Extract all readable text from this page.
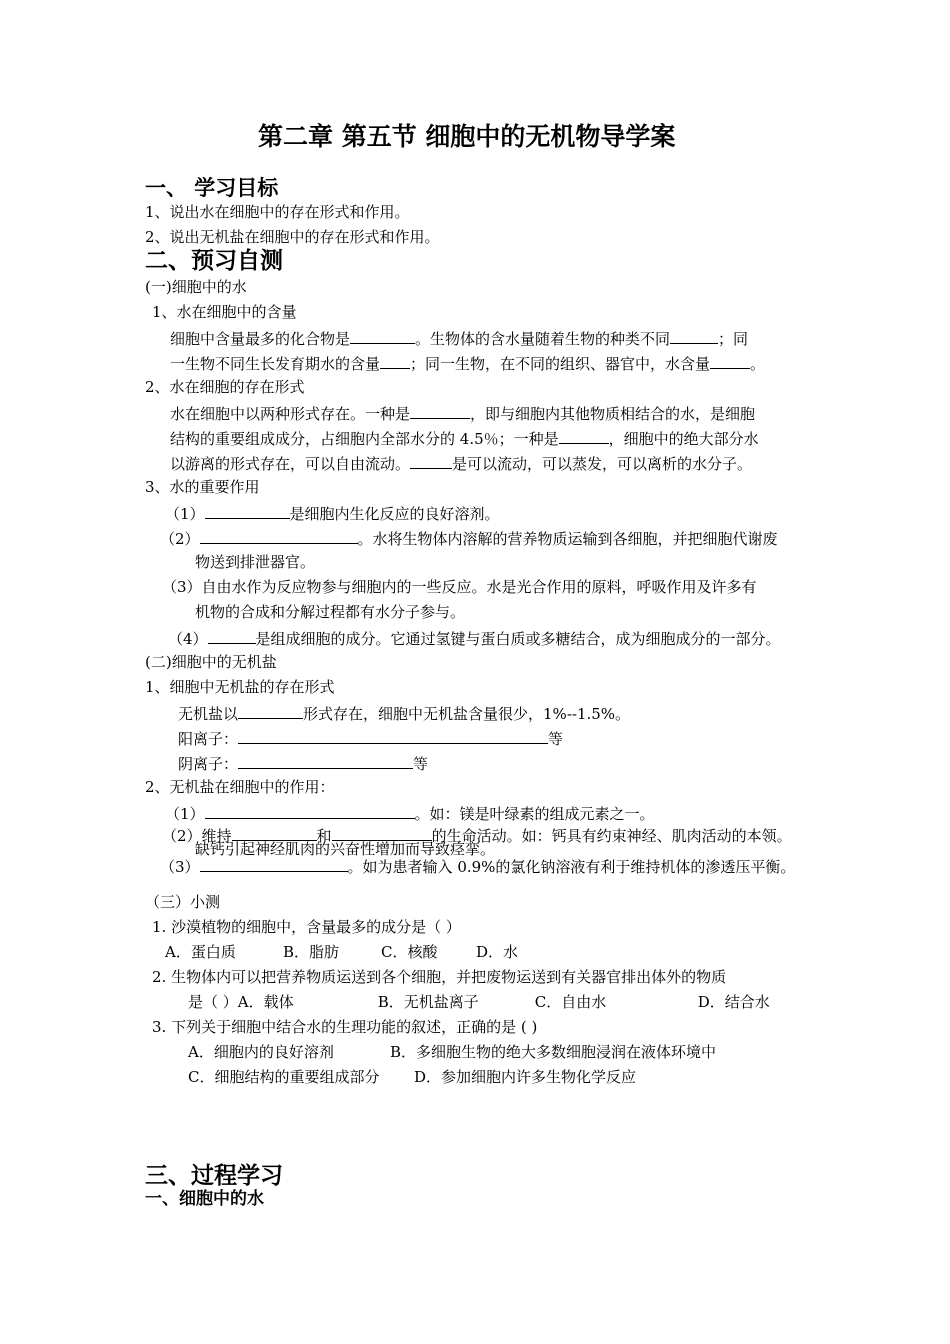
第二章 第五节 细胞中的无机物导学案
一、 学习目标
1、说出水在细胞中的存在形式和作用。
2、说出无机盐在细胞中的存在形式和作用。
二、预习自测
(一)细胞中的水
1、水在细胞中的含量
细胞中含量最多的化合物是	。生物体的含水量随着生物的种类不同	；同
一生物不同生长发育期水的含量 ；同一生物，在不同的组织、器官中，水含量	。
2、水在细胞的存在形式
水在细胞中以两种形式存在。一种是	，即与细胞内其他物质相结合的水，是细胞
结构的重要组成成分，占细胞内全部水分的 4.5％；一种是	，细胞中的绝大部分水
以游离的形式存在，可以自由流动。	是可以流动，可以蒸发，可以离析的水分子。
3、水的重要作用
（1）	是细胞内生化反应的良好溶剂。
（2）	。水将生物体内溶解的营养物质运输到各细胞，并把细胞代谢废
物送到排泄器官。
（3）自由水作为反应物参与细胞内的一些反应。水是光合作用的原料，呼吸作用及许多有
机物的合成和分解过程都有水分子参与。
（4）	是组成细胞的成分。它通过氢键与蛋白质或多糖结合，成为细胞成分的一部分。
(二)细胞中的无机盐
1、细胞中无机盐的存在形式
无机盐以	形式存在，细胞中无机盐含量很少，1%--1.5%。
阳离子：	等
阴离子：	等
2、无机盐在细胞中的作用：
（1）	。如：镁是叶绿素的组成元素之一。
（2）维持	和	的生命活动。如：钙具有约束神经、肌肉活动的本领。
缺钙引起神经肌肉的兴奋性增加而导致痉挛。
（3）	。如为患者输入 0.9%的氯化钠溶液有利于维持机体的渗透压平衡。
（三）小测
1. 沙漠植物的细胞中，含量最多的成分是（ ）
A．蛋白质	B．脂肪	C．核酸	D．水
2. 生物体内可以把营养物质运送到各个细胞，并把废物运送到有关器官排出体外的物质
是（ ）A．载体	B．无机盐离子	C．自由水	D．结合水
3. 下列关于细胞中结合水的生理功能的叙述，正确的是 ( )
A．细胞内的良好溶剂	B．多细胞生物的绝大多数细胞浸润在液体环境中
C．细胞结构的重要组成部分 D．参加细胞内许多生物化学反应
三、过程学习
一、细胞中的水
